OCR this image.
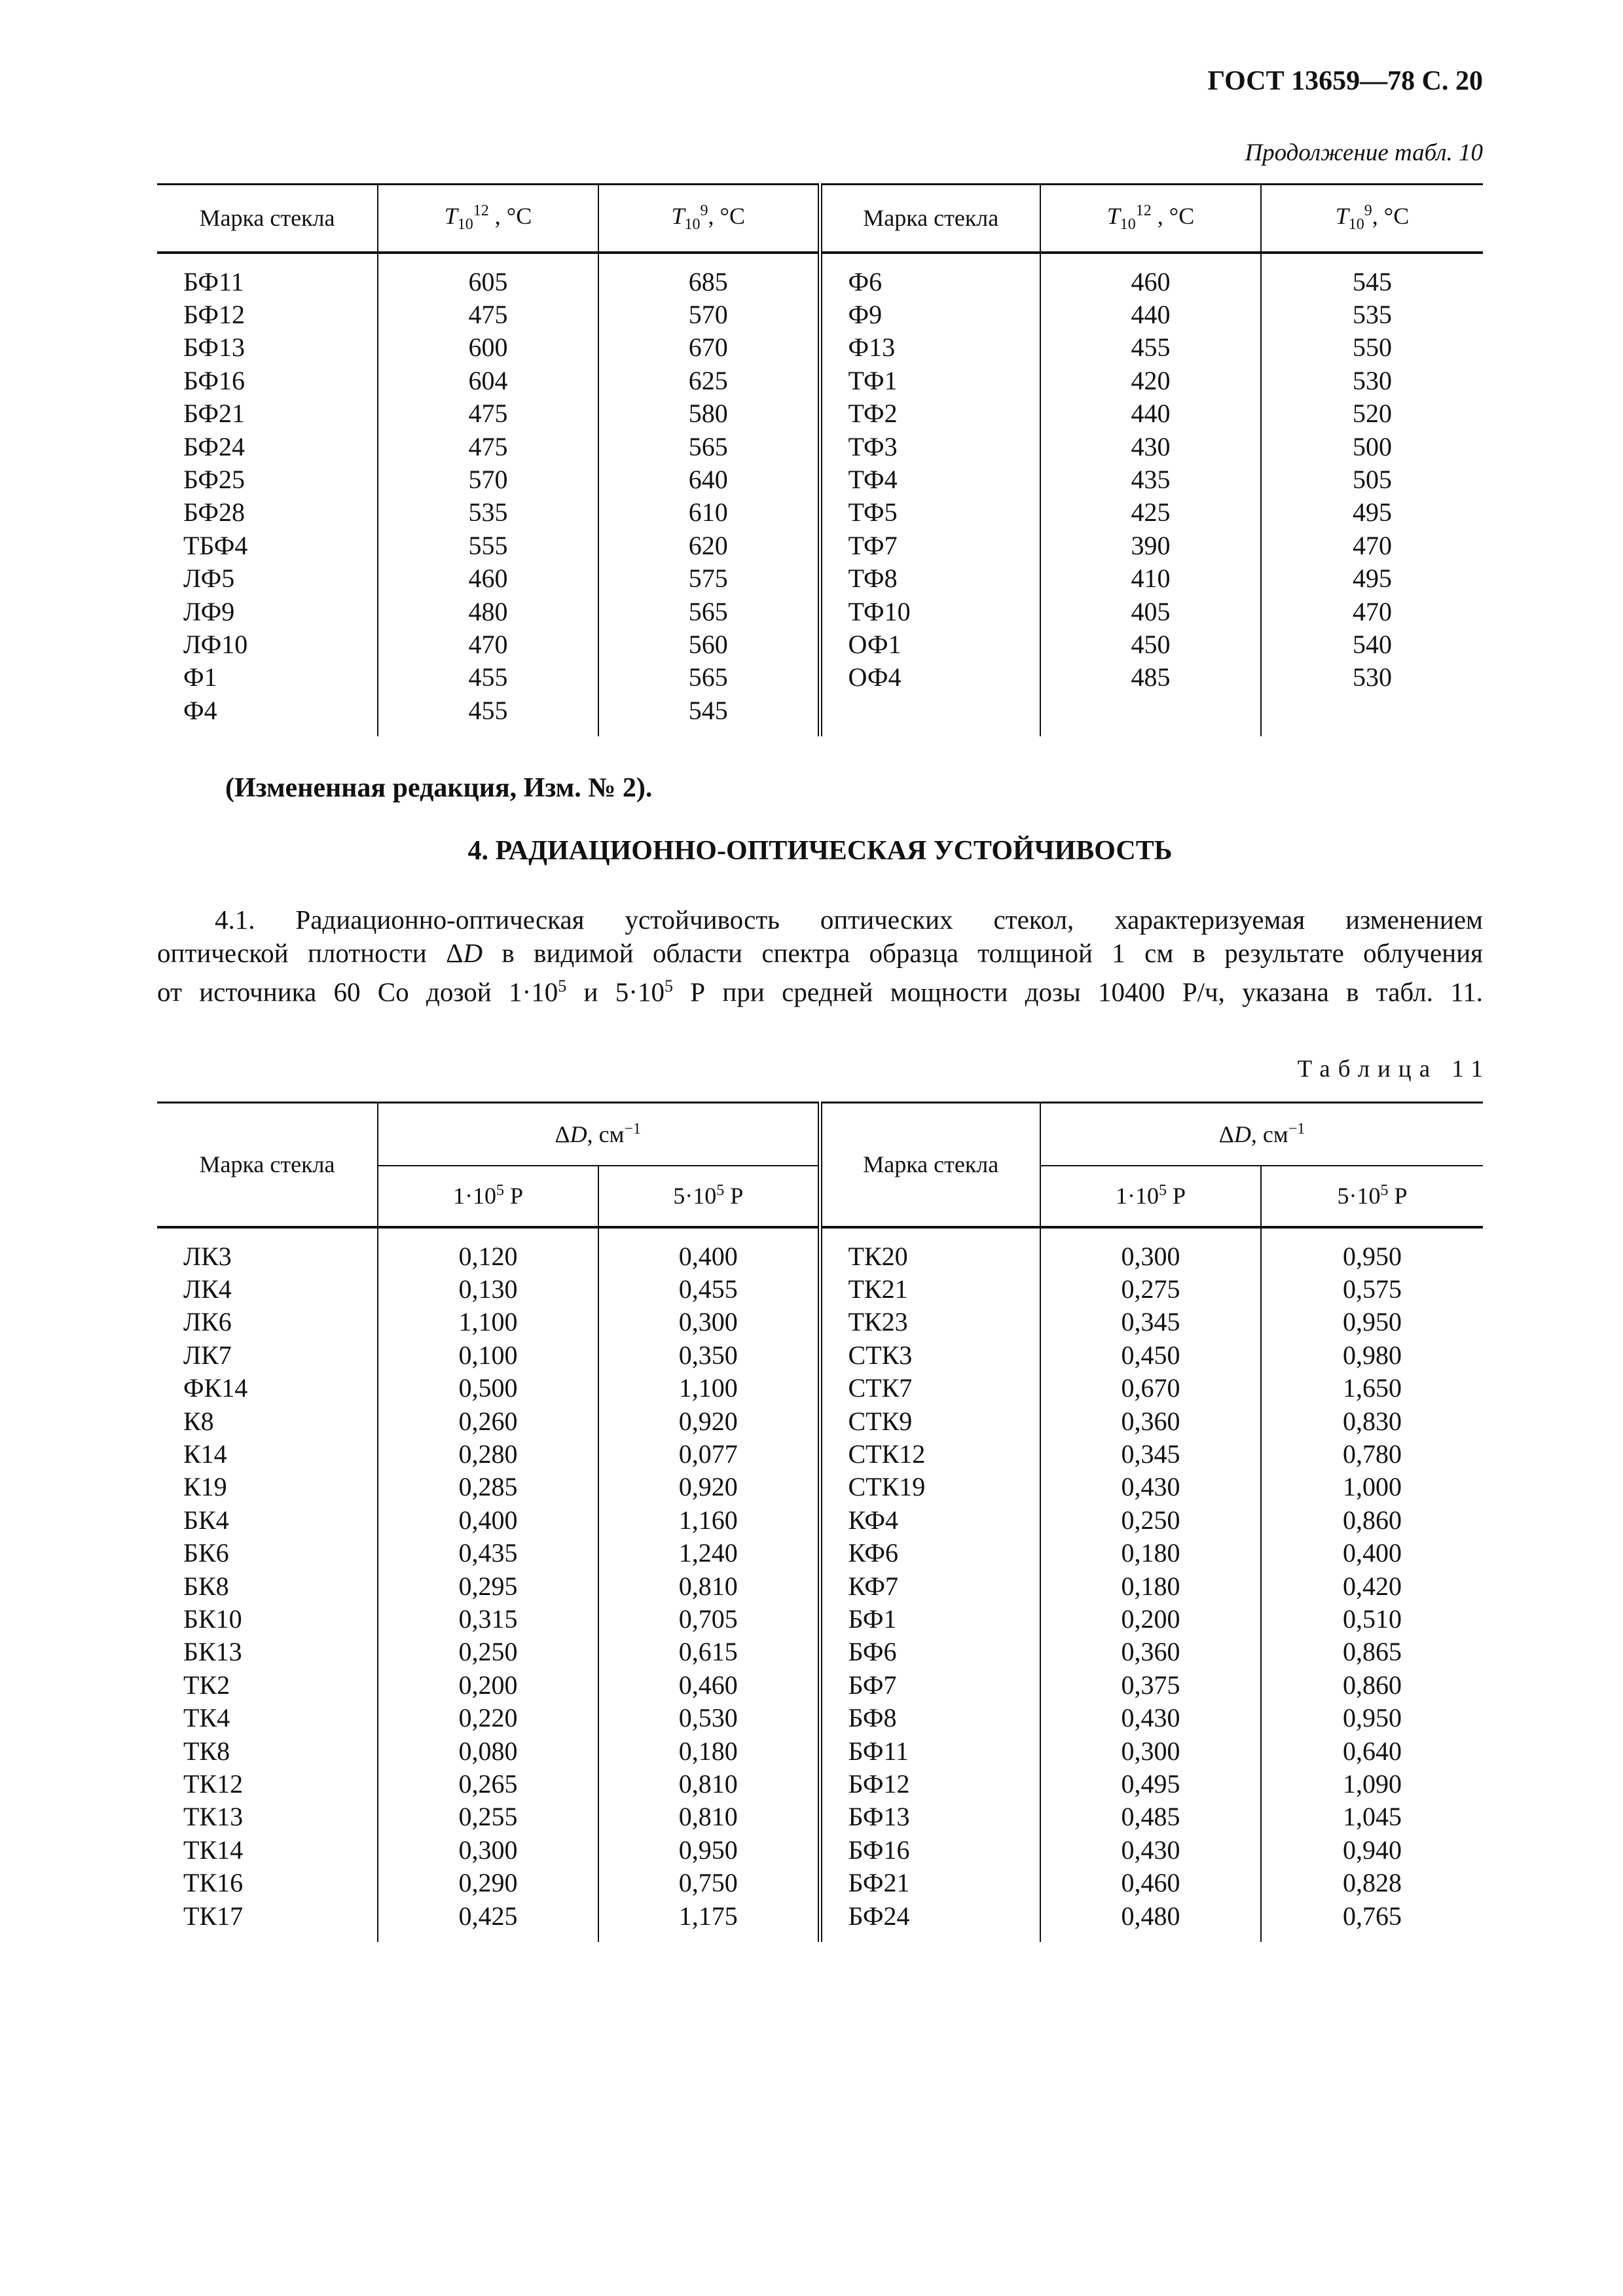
ГОСТ 13659—78 С. 20
Продолжение табл. 10
Марка стекла	$T_{10}^{12}$ , °C	$T_{10}^9$, °C	Марка стекла	$T_{10}^{12}$ , °C	$T_{10}^9$, °C
БФ11	605	685	Ф6	460	545
БФ12	475	570	Ф9	440	535
БФ13	600	670	Ф13	455	550
БФ16	604	625	ТФ1	420	530
БФ21	475	580	ТФ2	440	520
БФ24	475	565	ТФ3	430	500
БФ25	570	640	ТФ4	435	505
БФ28	535	610	ТФ5	425	495
ТБФ4	555	620	ТФ7	390	470
ЛФ5	460	575	ТФ8	410	495
ЛФ9	480	565	ТФ10	405	470
ЛФ10	470	560	ОФ1	450	540
Ф1	455	565	ОФ4	485	530
Ф4	455	545			
(Измененная редакция, Изм. № 2).
4. РАДИАЦИОННО-ОПТИЧЕСКАЯ УСТОЙЧИВОСТЬ
4.1. Радиационно-оптическая устойчивость оптических стекол, характеризуемая изменением
оптической плотности ΔD в видимой области спектра образца толщиной 1 см в результате облучения
от источника 60 Со дозой $1\cdot 10^5$ и $5\cdot 10^5$ Р при средней мощности дозы 10400 Р/ч, указана в табл. 11.
Таблица 11
Марка стекла	ΔD, $см^{-1}$		Марка стекла	ΔD, $см^{-1}$
	$1\cdot 10^5$ Р	$5\cdot 10^5$ Р		$1\cdot 10^5$ Р	$5\cdot 10^5$ Р
ЛК3	0,120	0,400	ТК20	0,300	0,950
ЛК4	0,130	0,455	ТК21	0,275	0,575
ЛК6	1,100	0,300	ТК23	0,345	0,950
ЛК7	0,100	0,350	СТК3	0,450	0,980
ФК14	0,500	1,100	СТК7	0,670	1,650
К8	0,260	0,920	СТК9	0,360	0,830
К14	0,280	0,077	СТК12	0,345	0,780
К19	0,285	0,920	СТК19	0,430	1,000
БК4	0,400	1,160	КФ4	0,250	0,860
БК6	0,435	1,240	КФ6	0,180	0,400
БК8	0,295	0,810	КФ7	0,180	0,420
БК10	0,315	0,705	БФ1	0,200	0,510
БК13	0,250	0,615	БФ6	0,360	0,865
ТК2	0,200	0,460	БФ7	0,375	0,860
ТК4	0,220	0,530	БФ8	0,430	0,950
ТК8	0,080	0,180	БФ11	0,300	0,640
ТК12	0,265	0,810	БФ12	0,495	1,090
ТК13	0,255	0,810	БФ13	0,485	1,045
ТК14	0,300	0,950	БФ16	0,430	0,940
ТК16	0,290	0,750	БФ21	0,460	0,828
ТК17	0,425	1,175	БФ24	0,480	0,765
